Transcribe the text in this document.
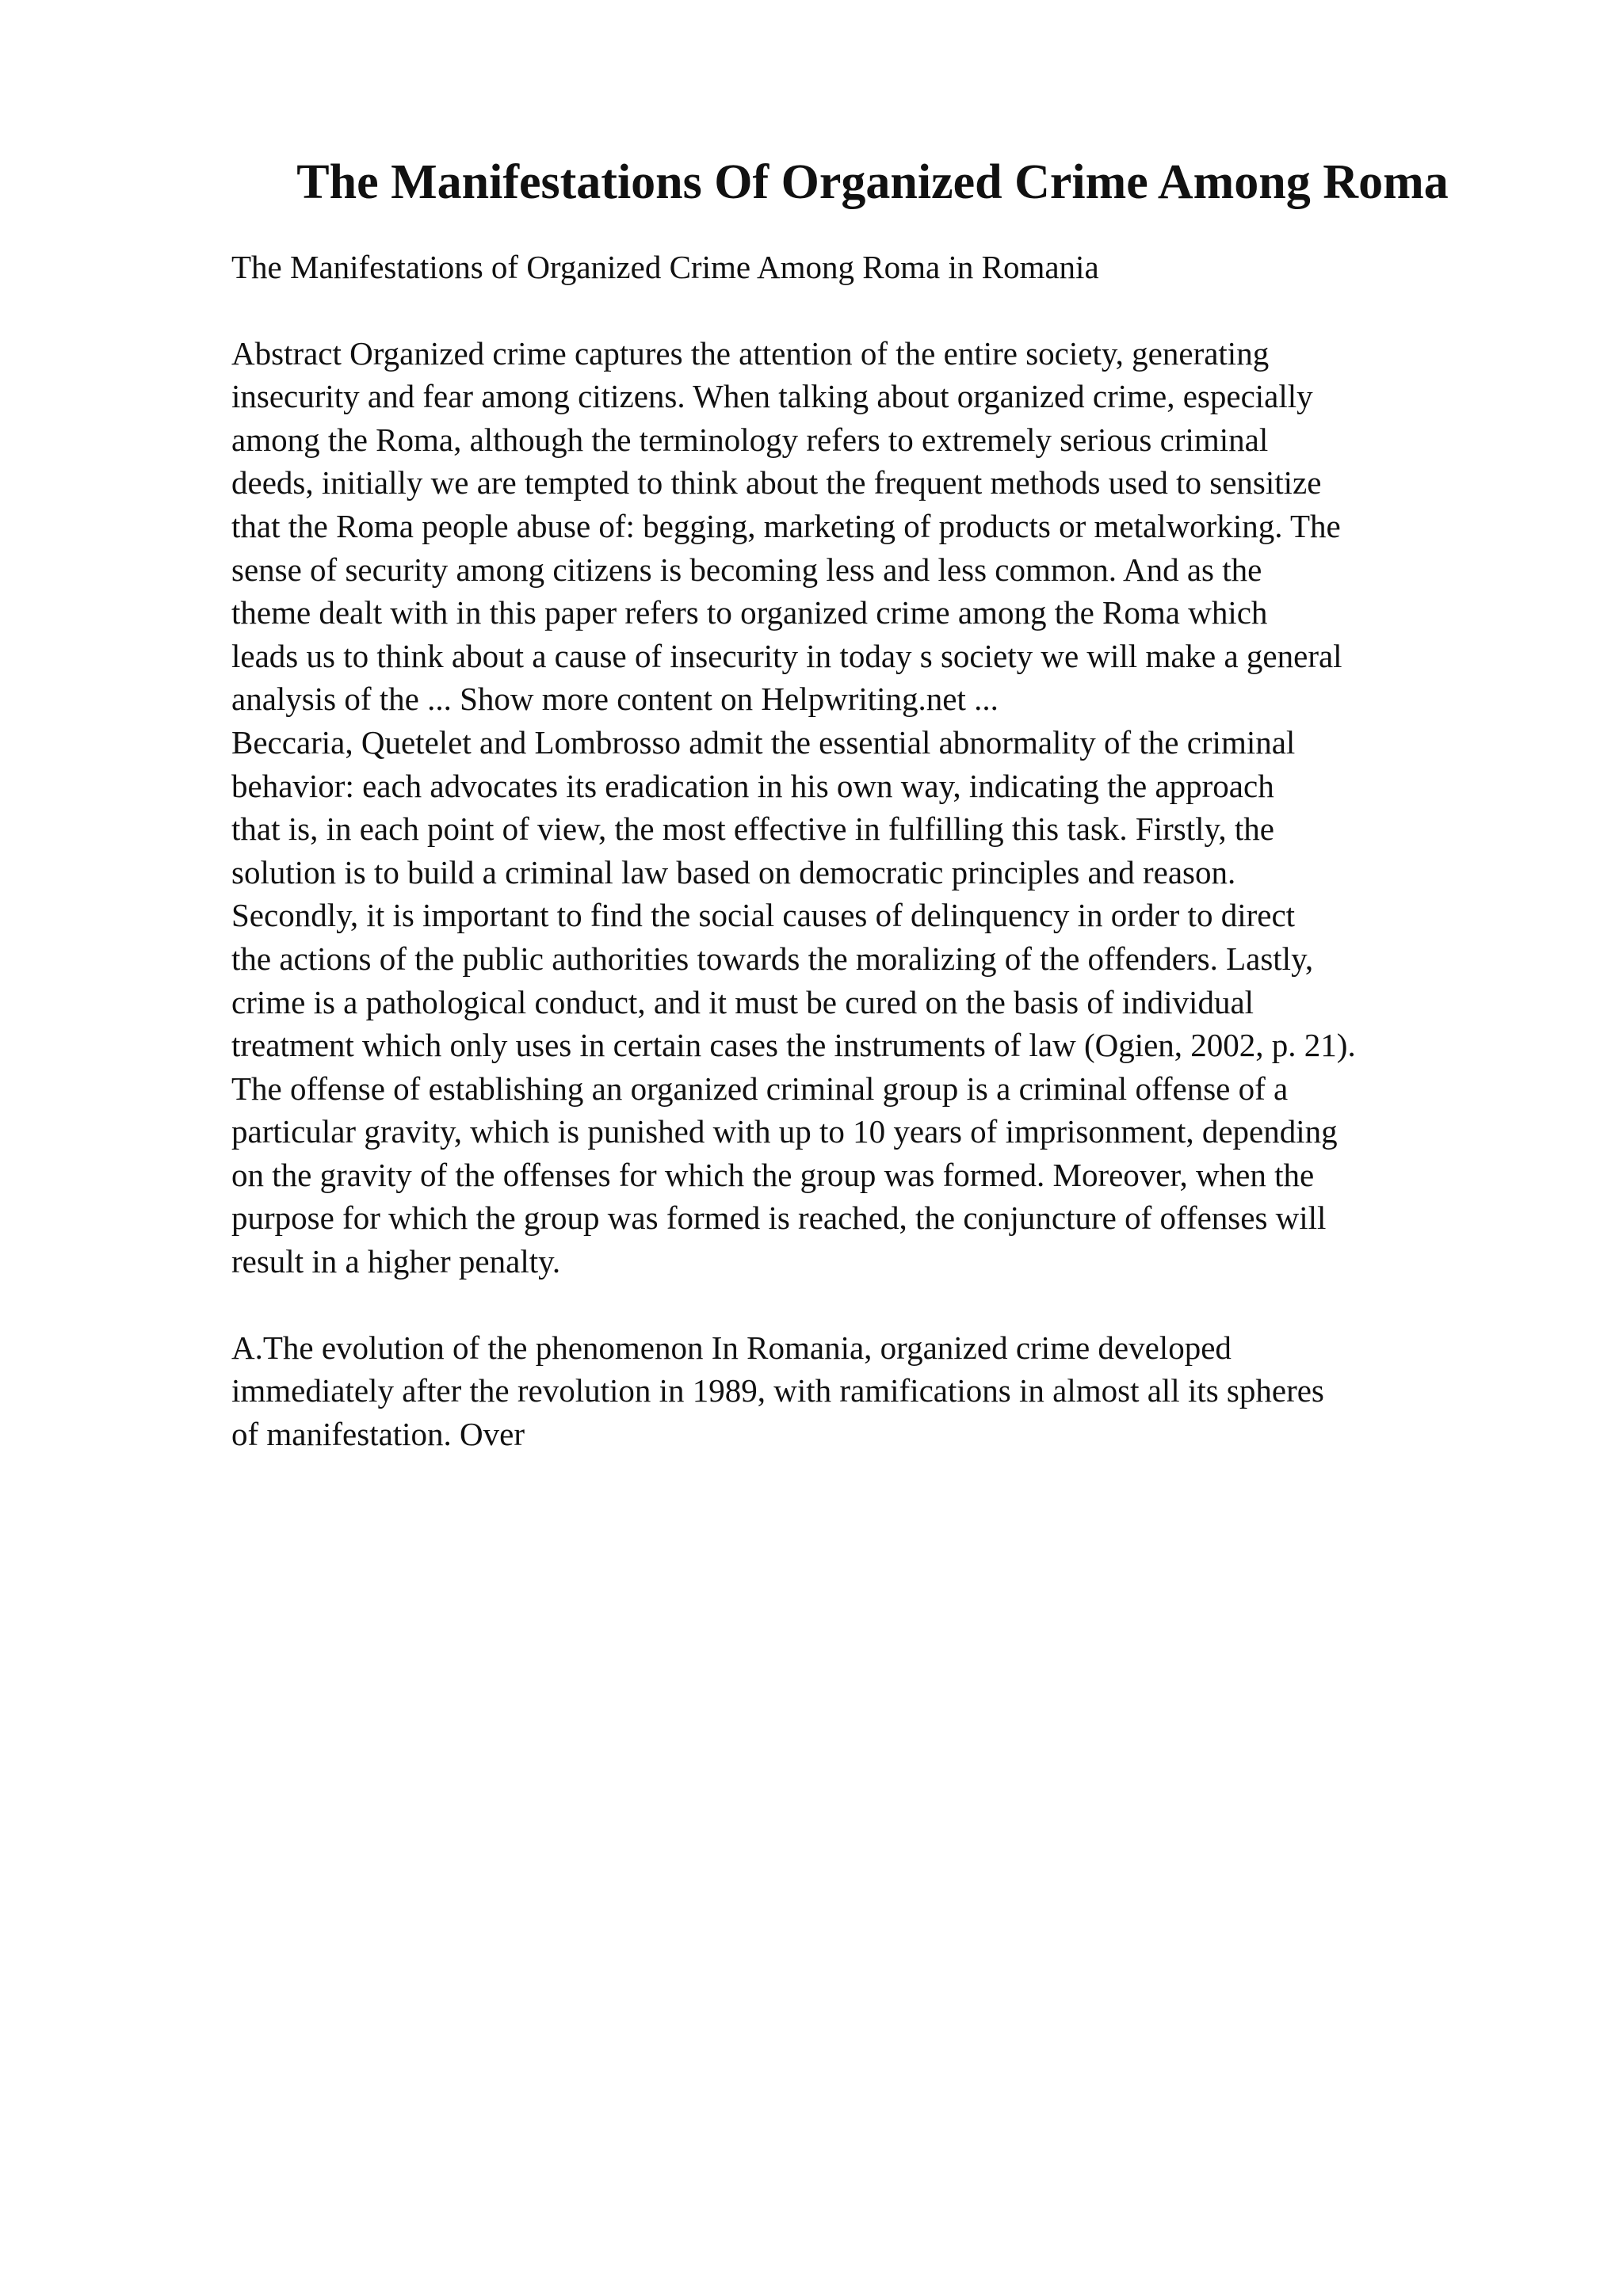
The Manifestations Of Organized Crime Among Roma

The Manifestations of Organized Crime Among Roma in Romania

Abstract Organized crime captures the attention of the entire society, generating
insecurity and fear among citizens. When talking about organized crime, especially
among the Roma, although the terminology refers to extremely serious criminal
deeds, initially we are tempted to think about the frequent methods used to sensitize
that the Roma people abuse of: begging, marketing of products or metalworking. The
sense of security among citizens is becoming less and less common. And as the
theme dealt with in this paper refers to organized crime among the Roma which
leads us to think about a cause of insecurity in today s society we will make a general
analysis of the ... Show more content on Helpwriting.net ...
Beccaria, Quetelet and Lombrosso admit the essential abnormality of the criminal
behavior: each advocates its eradication in his own way, indicating the approach
that is, in each point of view, the most effective in fulfilling this task. Firstly, the
solution is to build a criminal law based on democratic principles and reason.
Secondly, it is important to find the social causes of delinquency in order to direct
the actions of the public authorities towards the moralizing of the offenders. Lastly,
crime is a pathological conduct, and it must be cured on the basis of individual
treatment which only uses in certain cases the instruments of law (Ogien, 2002, p. 21).
The offense of establishing an organized criminal group is a criminal offense of a
particular gravity, which is punished with up to 10 years of imprisonment, depending
on the gravity of the offenses for which the group was formed. Moreover, when the
purpose for which the group was formed is reached, the conjuncture of offenses will
result in a higher penalty.

A.The evolution of the phenomenon In Romania, organized crime developed
immediately after the revolution in 1989, with ramifications in almost all its spheres
of manifestation. Over
